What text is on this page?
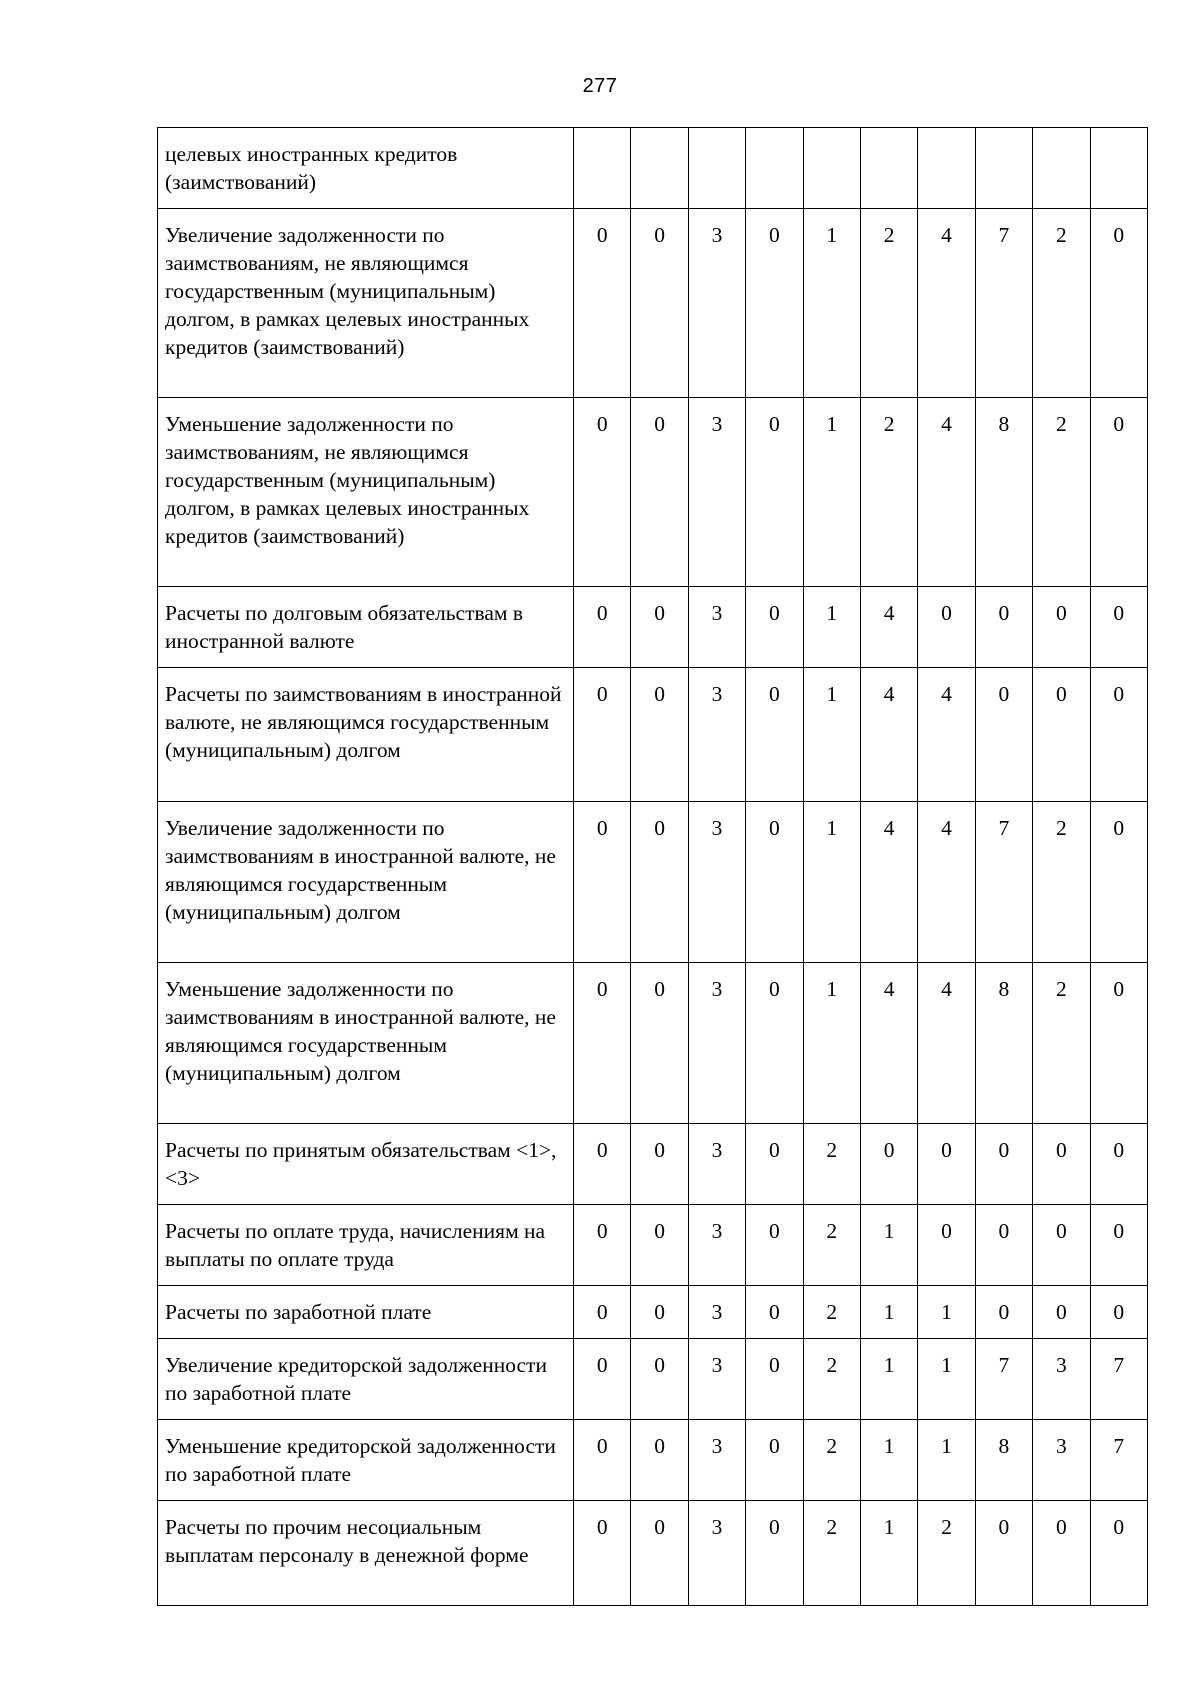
277
целевых иностранных кредитов (заимствований)										
Увеличение задолженности по заимствованиям, не являющимся государственным (муниципальным) долгом, в рамках целевых иностранных кредитов (заимствований)	0	0	3	0	1	2	4	7	2	0
Уменьшение задолженности по заимствованиям, не являющимся государственным (муниципальным) долгом, в рамках целевых иностранных кредитов (заимствований)	0	0	3	0	1	2	4	8	2	0
Расчеты по долговым обязательствам в иностранной валюте	0	0	3	0	1	4	0	0	0	0
Расчеты по заимствованиям в иностранной валюте, не являющимся государственным (муниципальным) долгом	0	0	3	0	1	4	4	0	0	0
Увеличение задолженности по заимствованиям в иностранной валюте, не являющимся государственным (муниципальным) долгом	0	0	3	0	1	4	4	7	2	0
Уменьшение задолженности по заимствованиям в иностранной валюте, не являющимся государственным (муниципальным) долгом	0	0	3	0	1	4	4	8	2	0
Расчеты по принятым обязательствам <1>, <3>	0	0	3	0	2	0	0	0	0	0
Расчеты по оплате труда, начислениям на выплаты по оплате труда	0	0	3	0	2	1	0	0	0	0
Расчеты по заработной плате	0	0	3	0	2	1	1	0	0	0
Увеличение кредиторской задолженности по заработной плате	0	0	3	0	2	1	1	7	3	7
Уменьшение кредиторской задолженности по заработной плате	0	0	3	0	2	1	1	8	3	7
Расчеты по прочим несоциальным выплатам персоналу в денежной форме	0	0	3	0	2	1	2	0	0	0
